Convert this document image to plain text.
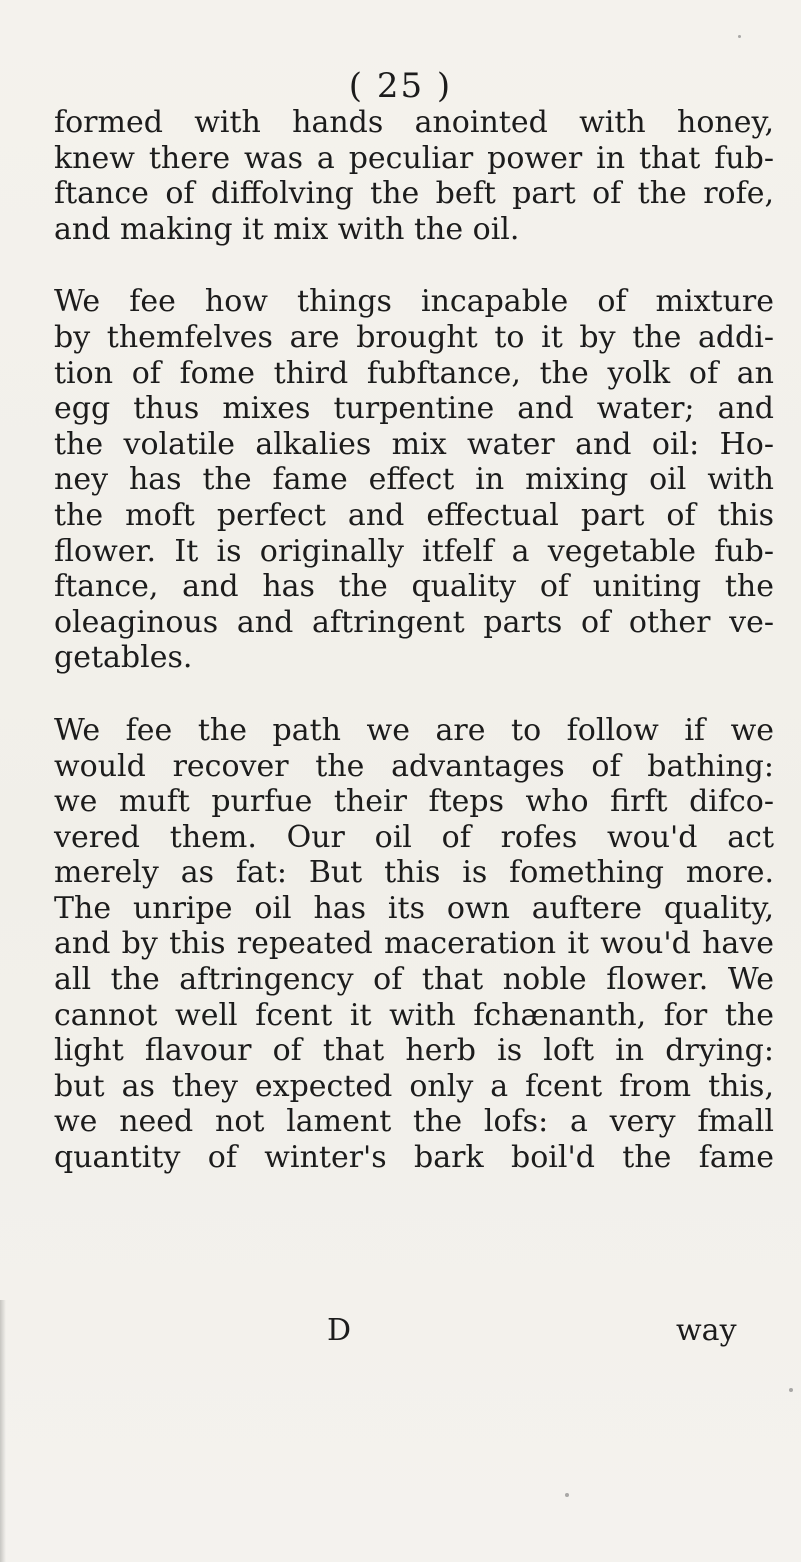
( 25 )
formed with hands anointed with honey,
knew there was a peculiar power in that fub-
ftance of diffolving the beft part of the rofe,
and making it mix with the oil.
We fee how things incapable of mixture
by themfelves are brought to it by the addi-
tion of fome third fubftance, the yolk of an
egg thus mixes turpentine and water; and
the volatile alkalies mix water and oil: Ho-
ney has the fame effect in mixing oil with
the moft perfect and effectual part of this
flower. It is originally itfelf a vegetable fub-
ftance, and has the quality of uniting the
oleaginous and aftringent parts of other ve-
getables.
We fee the path we are to follow if we
would recover the advantages of bathing:
we muft purfue their fteps who firft difco-
vered them. Our oil of rofes wou'd act
merely as fat: But this is fomething more.
The unripe oil has its own auftere quality,
and by this repeated maceration it wou'd have
all the aftringency of that noble flower. We
cannot well fcent it with fchænanth, for the
light flavour of that herb is loft in drying:
but as they expected only a fcent from this,
we need not lament the lofs: a very fmall
quantity of winter's bark boil'd the fame
D	way
